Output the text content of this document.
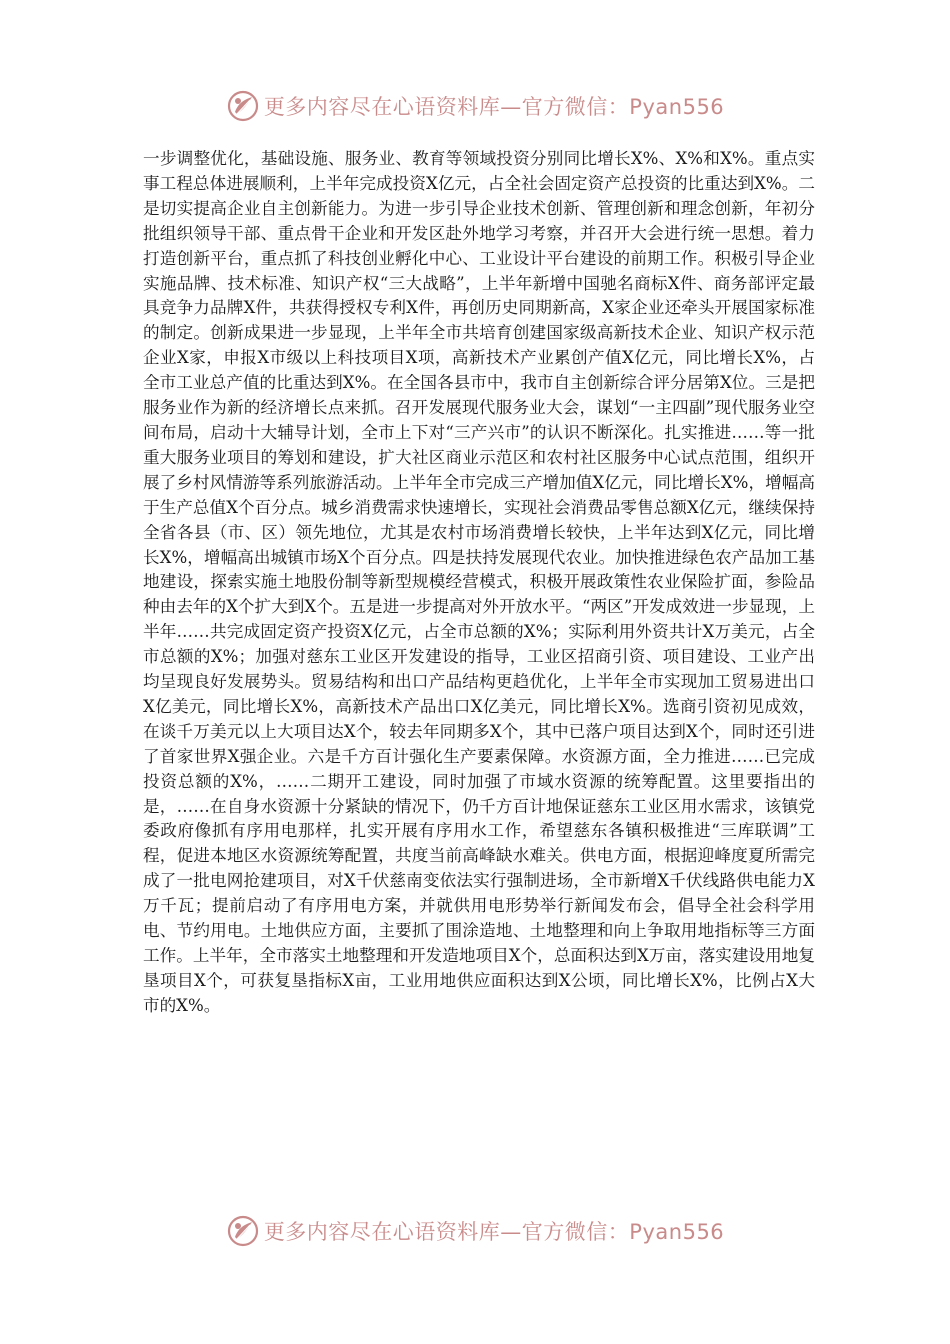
更多内容尽在心语资料库—官方微信：Pyan556

一步调整优化，基础设施、服务业、教育等领域投资分别同比增长X%、X%和X%。重点实事工程总体进展顺利，上半年完成投资X亿元，占全社会固定资产总投资的比重达到X%。二是切实提高企业自主创新能力。为进一步引导企业技术创新、管理创新和理念创新，年初分批组织领导干部、重点骨干企业和开发区赴外地学习考察，并召开大会进行统一思想。着力打造创新平台，重点抓了科技创业孵化中心、工业设计平台建设的前期工作。积极引导企业实施品牌、技术标准、知识产权“三大战略”，上半年新增中国驰名商标X件、商务部评定最具竞争力品牌X件，共获得授权专利X件，再创历史同期新高，X家企业还牵头开展国家标准的制定。创新成果进一步显现，上半年全市共培育创建国家级高新技术企业、知识产权示范企业X家，申报X市级以上科技项目X项，高新技术产业累创产值X亿元，同比增长X%，占全市工业总产值的比重达到X%。在全国各县市中，我市自主创新综合评分居第X位。三是把服务业作为新的经济增长点来抓。召开发展现代服务业大会，谋划“一主四副”现代服务业空间布局，启动十大辅导计划，全市上下对“三产兴市”的认识不断深化。扎实推进……等一批重大服务业项目的筹划和建设，扩大社区商业示范区和农村社区服务中心试点范围，组织开展了乡村风情游等系列旅游活动。上半年全市完成三产增加值X亿元，同比增长X%，增幅高于生产总值X个百分点。城乡消费需求快速增长，实现社会消费品零售总额X亿元，继续保持全省各县（市、区）领先地位，尤其是农村市场消费增长较快，上半年达到X亿元，同比增长X%，增幅高出城镇市场X个百分点。四是扶持发展现代农业。加快推进绿色农产品加工基地建设，探索实施土地股份制等新型规模经营模式，积极开展政策性农业保险扩面，参险品种由去年的X个扩大到X个。五是进一步提高对外开放水平。“两区”开发成效进一步显现，上半年……共完成固定资产投资X亿元，占全市总额的X%；实际利用外资共计X万美元，占全市总额的X%；加强对慈东工业区开发建设的指导，工业区招商引资、项目建设、工业产出均呈现良好发展势头。贸易结构和出口产品结构更趋优化，上半年全市实现加工贸易进出口X亿美元，同比增长X%，高新技术产品出口X亿美元，同比增长X%。选商引资初见成效，在谈千万美元以上大项目达X个，较去年同期多X个，其中已落户项目达到X个，同时还引进了首家世界X强企业。六是千方百计强化生产要素保障。水资源方面，全力推进……已完成投资总额的X%，……二期开工建设，同时加强了市域水资源的统筹配置。这里要指出的是，……在自身水资源十分紧缺的情况下，仍千方百计地保证慈东工业区用水需求，该镇党委政府像抓有序用电那样，扎实开展有序用水工作，希望慈东各镇积极推进“三库联调”工程，促进本地区水资源统筹配置，共度当前高峰缺水难关。供电方面，根据迎峰度夏所需完成了一批电网抢建项目，对X千伏慈南变依法实行强制进场，全市新增X千伏线路供电能力X万千瓦；提前启动了有序用电方案，并就供用电形势举行新闻发布会，倡导全社会科学用电、节约用电。土地供应方面，主要抓了围涂造地、土地整理和向上争取用地指标等三方面工作。上半年，全市落实土地整理和开发造地项目X个，总面积达到X万亩，落实建设用地复垦项目X个，可获复垦指标X亩，工业用地供应面积达到X公顷，同比增长X%，比例占X大市的X%。

更多内容尽在心语资料库—官方微信：Pyan556
